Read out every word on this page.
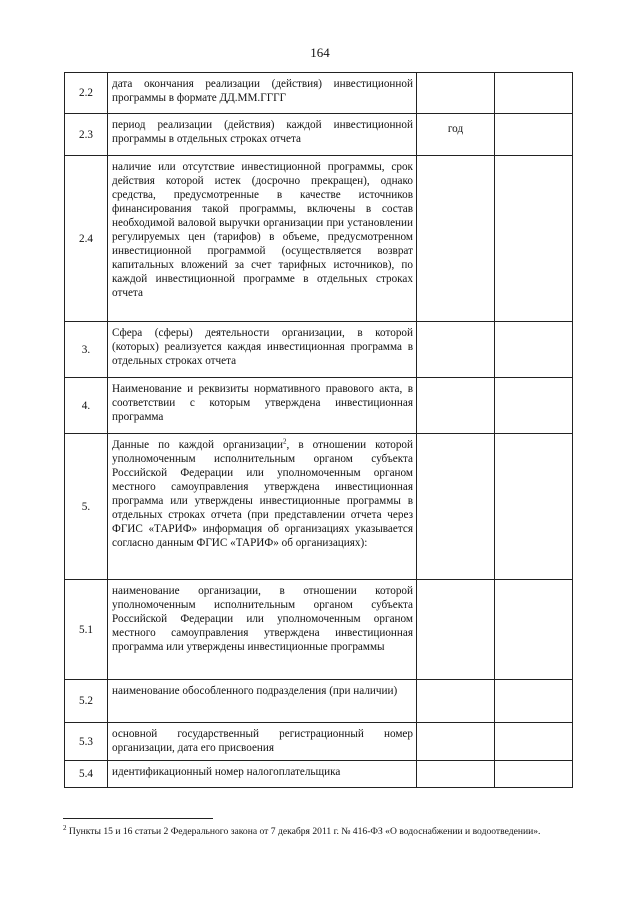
164
2.2	дата окончания реализации (действия) инвестиционной программы в формате ДД.ММ.ГГГГ		
2.3	период реализации (действия) каждой инвестиционной программы в отдельных строках отчета	год	
2.4	наличие или отсутствие инвестиционной программы, срок действия которой истек (досрочно прекращен), однако средства, предусмотренные в качестве источников финансирования такой программы, включены в состав необходимой валовой выручки организации при установлении регулируемых цен (тарифов) в объеме, предусмотренном инвестиционной программой (осуществляется возврат капитальных вложений за счет тарифных источников), по каждой инвестиционной программе в отдельных строках отчета		
3.	Сфера (сферы) деятельности организации, в которой (которых) реализуется каждая инвестиционная программа в отдельных строках отчета		
4.	Наименование и реквизиты нормативного правового акта, в соответствии с которым утверждена инвестиционная программа		
5.	Данные по каждой организации$^2$, в отношении которой уполномоченным исполнительным органом субъекта Российской Федерации или уполномоченным органом местного самоуправления утверждена инвестиционная программа или утверждены инвестиционные программы в отдельных строках отчета (при представлении отчета через ФГИС «ТАРИФ» информация об организациях указывается согласно данным ФГИС «ТАРИФ» об организациях):		
5.1	наименование организации, в отношении которой уполномоченным исполнительным органом субъекта Российской Федерации или уполномоченным органом местного самоуправления утверждена инвестиционная программа или утверждены инвестиционные программы		
5.2	наименование обособленного подразделения (при наличии)		
5.3	основной государственный регистрационный номер организации, дата его присвоения		
5.4	идентификационный номер налогоплательщика		
$^2$ Пункты 15 и 16 статьи 2 Федерального закона от 7 декабря 2011 г. № 416-ФЗ «О водоснабжении и водоотведении».
